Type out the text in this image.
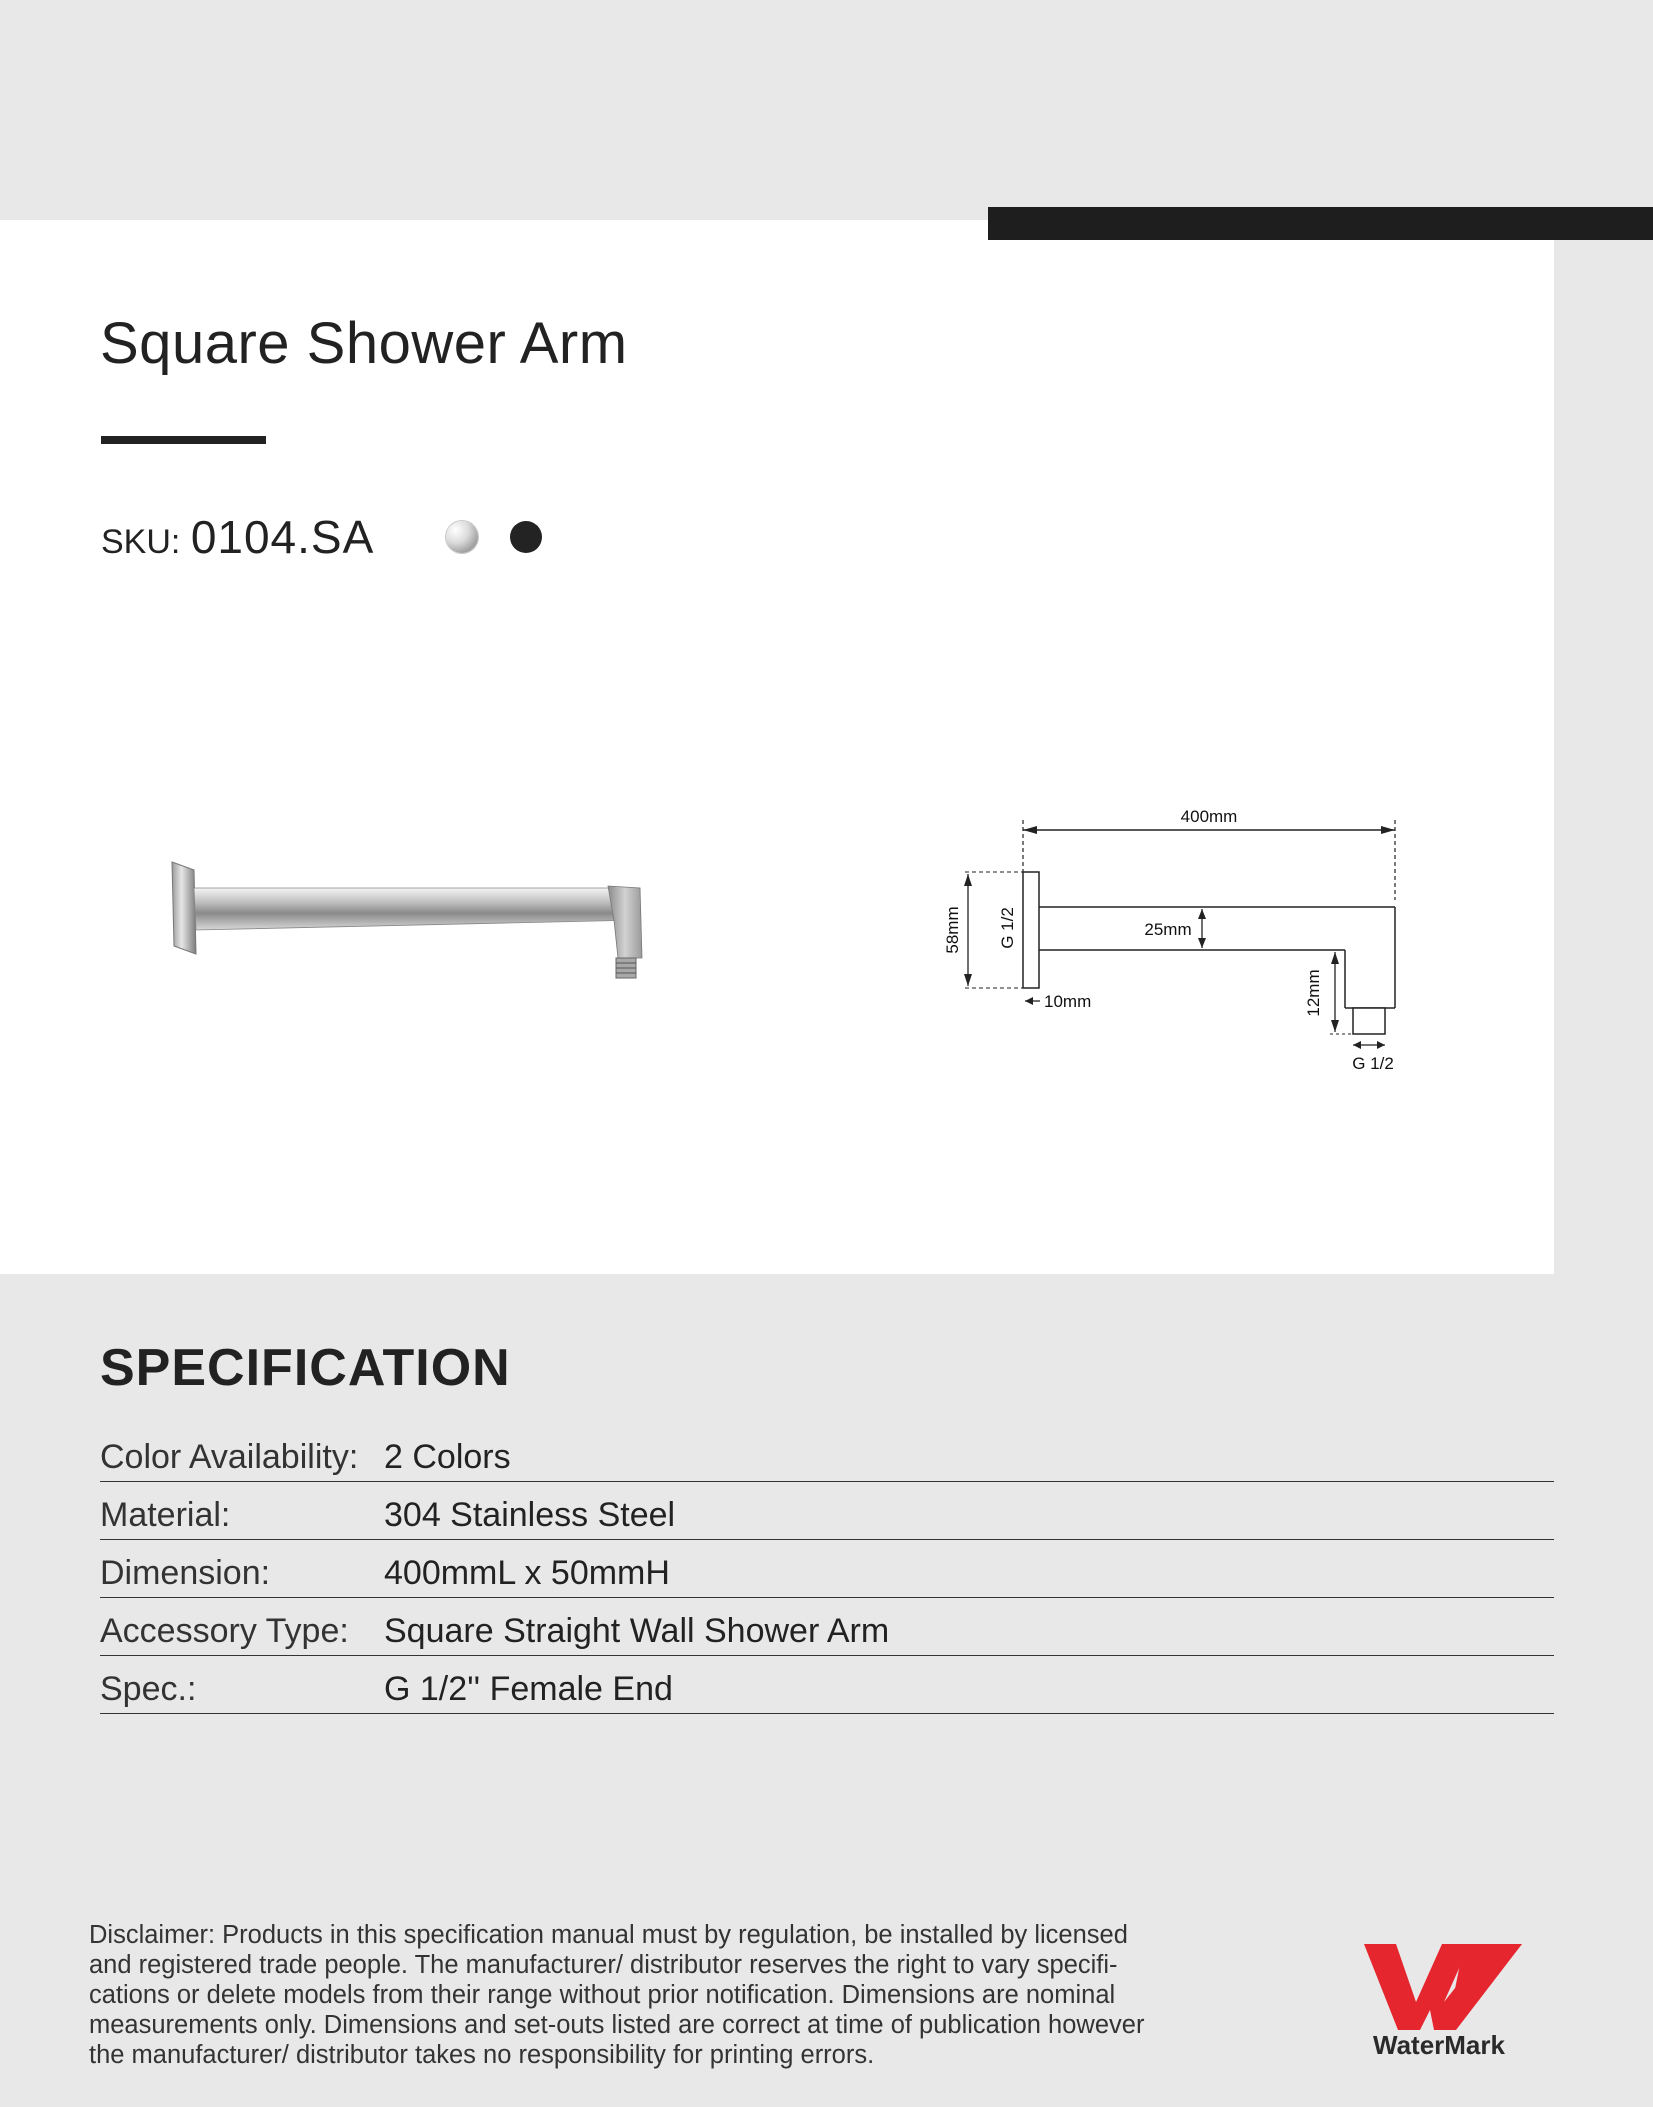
Square Shower Arm
SKU: 0104.SA
400mm
25mm
58mm G 1/2
10mm	12mm
G 1/2
SPECIFICATION
Color Availability: 2 Colors
Material:	304 Stainless Steel
Dimension:	400mmL x 50mmH
Accessory Type: Square Straight Wall Shower Arm
Spec.:	G 1/2'' Female End
Disclaimer: Products in this specification manual must by regulation, be installed by licensed
and registered trade people. The manufacturer/ distributor reserves the right to vary specifi-
cations or delete models from their range without prior notification. Dimensions are nominal
measurements only. Dimensions and set-outs listed are correct at time of publication however
the manufacturer/ distributor takes no responsibility for printing errors.	WaterMark
